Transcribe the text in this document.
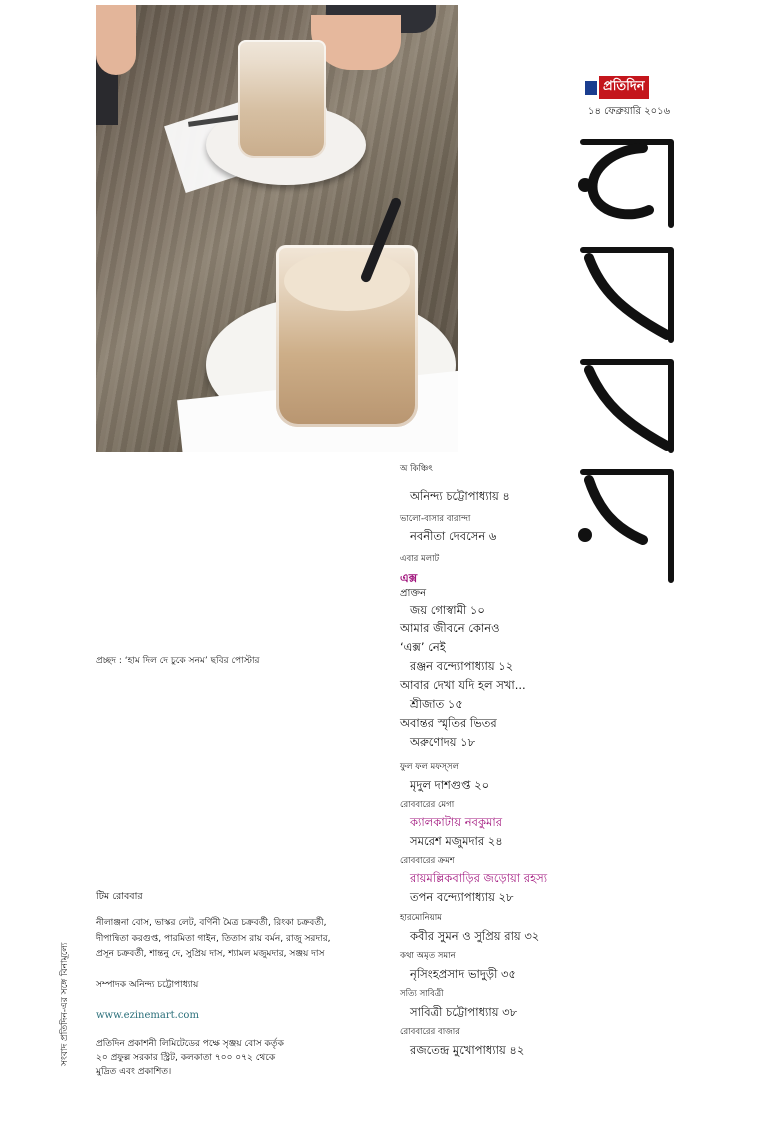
প্রতিদিন
১৪ ফেব্রুয়ারি ২০১৬
প্রচ্ছদ : ‘হাম দিল দে চুকে সনম’ ছবির পোস্টার
টিম রোববার
নীলাঞ্জনা বোস, ভাস্কর লেট, বর্ণিনী মৈত্র চক্রবর্তী, রিংকা চক্রবর্তী,
দীপান্বিতা করগুপ্ত, পারমিতা গাইন, তিতাস রায় বর্মন, রাজু সরদার,
প্রসূন চক্রবর্তী, শান্তনু দে, সুপ্রিয় দাস, শ্যামল মজুমদার, সঞ্জয় দাস
সম্পাদক অনিন্দ্য চট্টোপাধ্যায়
www.ezinemart.com
প্রতিদিন প্রকাশনী লিমিটেডের পক্ষে সৃঞ্জয় বোস কর্তৃক
২০ প্রফুল্ল সরকার স্ট্রিট, কলকাতা ৭০০ ০৭২ থেকে
মুদ্রিত এবং প্রকাশিত।
সংবাদ প্রতিদিন-এর সঙ্গে বিনামূল্যে
অ কিঞ্চিৎ
অনিন্দ্য চট্টোপাধ্যায় ৪
ভালো-বাসার বারান্দা
নবনীতা দেবসেন ৬
এবার মলাট
এক্স
প্রাক্তন
জয় গোস্বামী ১০
আমার জীবনে কোনও
‘এক্স’ নেই
রঞ্জন বন্দ্যোপাধ্যায় ১২
আবার দেখা যদি হল সখা...
শ্রীজাত ১৫
অবান্তর স্মৃতির ভিতর
অরুণোদয় ১৮
ফুল ফল মফস্‌সল
মৃদুল দাশগুপ্ত ২০
রোববারের মেগা
ক্যালকাটায় নবকুমার
সমরেশ মজুমদার ২৪
রোববারের ক্রমশ
রায়মল্লিকবাড়ির জড়োয়া রহস্য
তপন বন্দ্যোপাধ্যায় ২৮
হারমোনিয়াম
কবীর সুমন ও সুপ্রিয় রায় ৩২
কথা অমৃত সমান
নৃসিংহপ্রসাদ ভাদুড়ী ৩৫
সত্যি সাবিত্রী
সাবিত্রী চট্টোপাধ্যায় ৩৮
রোববারের বাজার
রজতেন্দ্র মুখোপাধ্যায় ৪২
